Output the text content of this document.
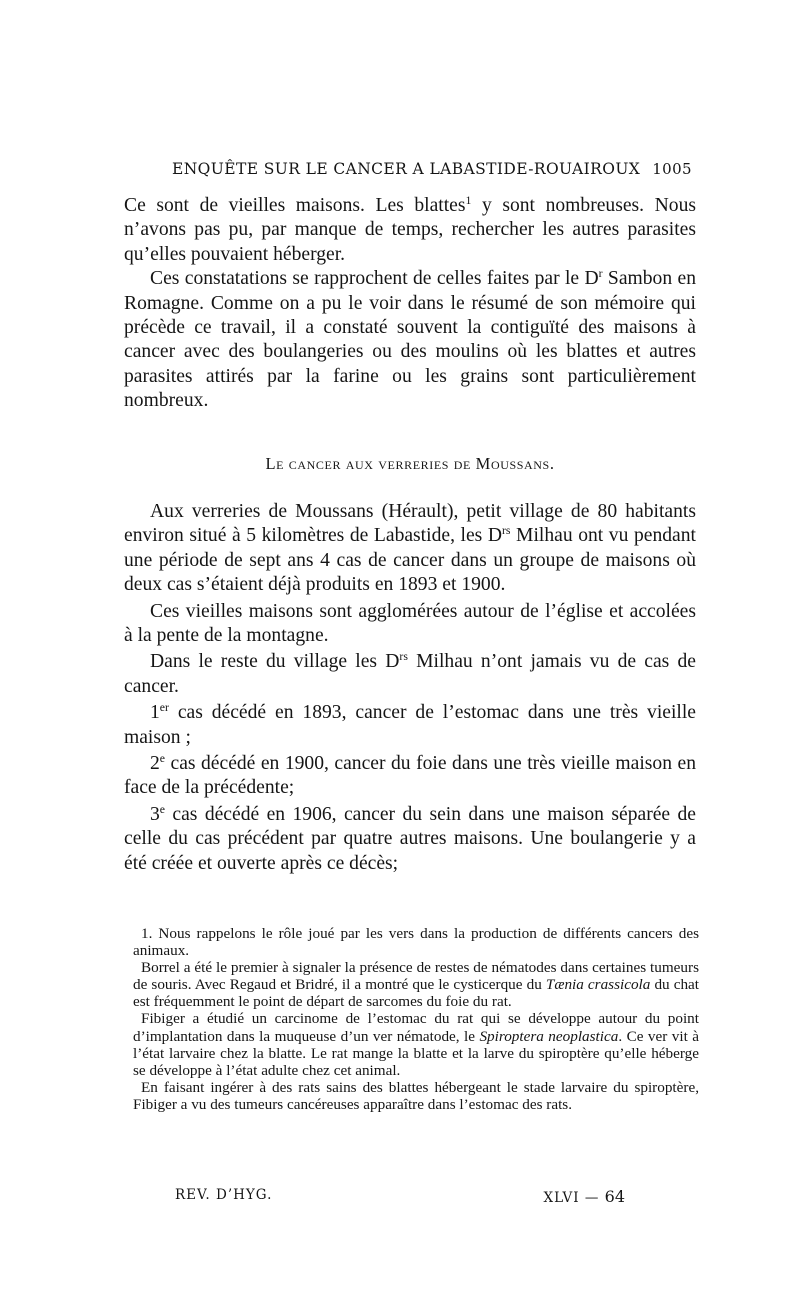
ENQUÊTE SUR LE CANCER A LABASTIDE-ROUAIROUX 1005

Ce sont de vieilles maisons. Les blattes$^1$ y sont nombreuses. Nous n’avons pas pu, par manque de temps, rechercher les autres parasites qu’elles pouvaient héberger.

Ces constatations se rapprochent de celles faites par le $D^r$ Sambon en Romagne. Comme on a pu le voir dans le résumé de son mémoire qui précède ce travail, il a constaté souvent la contiguïté des maisons à cancer avec des boulangeries ou des moulins où les blattes et autres parasites attirés par la farine ou les grains sont particulièrement nombreux.

Le cancer aux verreries de Moussans.

Aux verreries de Moussans (Hérault), petit village de 80 habitants environ situé à 5 kilomètres de Labastide, les $D^{rs}$ Milhau ont vu pendant une période de sept ans 4 cas de cancer dans un groupe de maisons où deux cas s’étaient déjà produits en 1893 et 1900.

Ces vieilles maisons sont agglomérées autour de l’église et accolées à la pente de la montagne.

Dans le reste du village les $D^{rs}$ Milhau n’ont jamais vu de cas de cancer.

1er cas décédé en 1893, cancer de l’estomac dans une très vieille maison ;

2e cas décédé en 1900, cancer du foie dans une très vieille maison en face de la précédente;

3e cas décédé en 1906, cancer du sein dans une maison séparée de celle du cas précédent par quatre autres maisons. Une boulangerie y a été créée et ouverte après ce décès;

1. Nous rappelons le rôle joué par les vers dans la production de différents cancers des animaux.

Borrel a été le premier à signaler la présence de restes de nématodes dans certaines tumeurs de souris. Avec Regaud et Bridré, il a montré que le cysticerque du Tænia crassicola du chat est fréquemment le point de départ de sarcomes du foie du rat.

Fibiger a étudié un carcinome de l’estomac du rat qui se développe autour du point d’implantation dans la muqueuse d’un ver nématode, le Spiroptera neoplastica. Ce ver vit à l’état larvaire chez la blatte. Le rat mange la blatte et la larve du spiroptère qu’elle héberge se développe à l’état adulte chez cet animal.

En faisant ingérer à des rats sains des blattes hébergeant le stade larvaire du spiroptère, Fibiger a vu des tumeurs cancéreuses apparaître dans l’estomac des rats.

REV. D’HYG.	XLVI — 64
